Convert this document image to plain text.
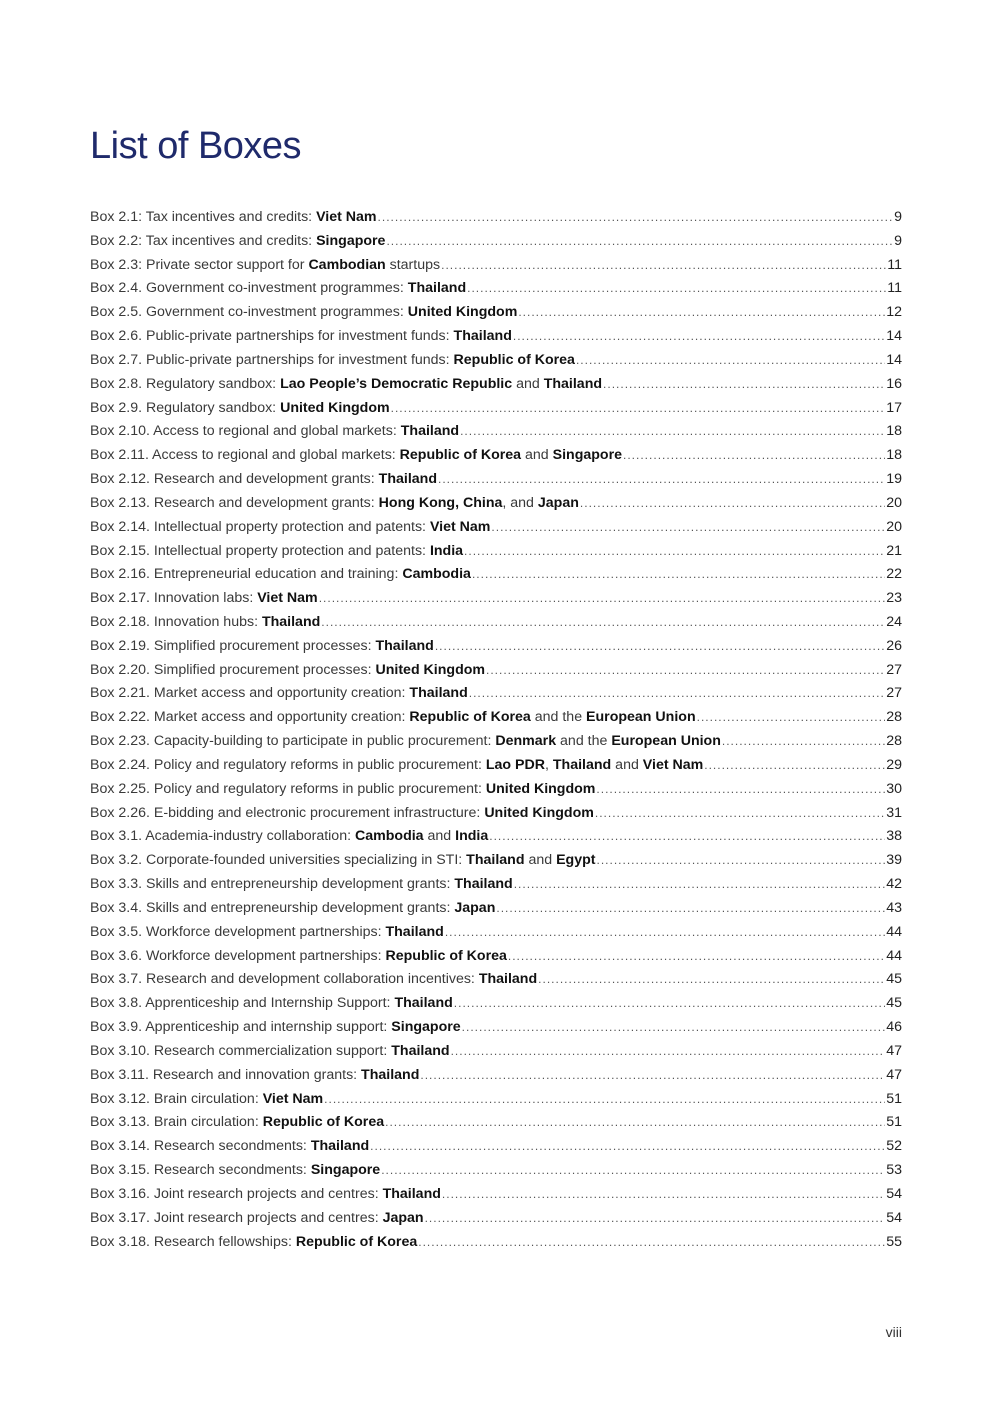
List of Boxes
Box 2.1: Tax incentives and credits: Viet Nam .....	9
Box 2.2: Tax incentives and credits: Singapore .....	9
Box 2.3: Private sector support for Cambodian startups .....	11
Box 2.4. Government co-investment programmes: Thailand .....	11
Box 2.5. Government co-investment programmes: United Kingdom .....	12
Box 2.6. Public-private partnerships for investment funds: Thailand .....	14
Box 2.7. Public-private partnerships for investment funds: Republic of Korea .....	14
Box 2.8. Regulatory sandbox: Lao People’s Democratic Republic and Thailand .....	16
Box 2.9. Regulatory sandbox: United Kingdom .....	17
Box 2.10. Access to regional and global markets: Thailand .....	18
Box 2.11. Access to regional and global markets: Republic of Korea and Singapore .....	18
Box 2.12. Research and development grants: Thailand .....	19
Box 2.13. Research and development grants: Hong Kong, China, and Japan .....	20
Box 2.14. Intellectual property protection and patents: Viet Nam .....	20
Box 2.15. Intellectual property protection and patents: India .....	21
Box 2.16. Entrepreneurial education and training: Cambodia .....	22
Box 2.17. Innovation labs: Viet Nam .....	23
Box 2.18. Innovation hubs: Thailand .....	24
Box 2.19. Simplified procurement processes: Thailand .....	26
Box 2.20. Simplified procurement processes: United Kingdom .....	27
Box 2.21. Market access and opportunity creation: Thailand .....	27
Box 2.22. Market access and opportunity creation: Republic of Korea and the European Union .....	28
Box 2.23. Capacity-building to participate in public procurement: Denmark and the European Union .....	28
Box 2.24. Policy and regulatory reforms in public procurement: Lao PDR, Thailand and Viet Nam .....	29
Box 2.25. Policy and regulatory reforms in public procurement: United Kingdom .....	30
Box 2.26. E-bidding and electronic procurement infrastructure: United Kingdom .....	31
Box 3.1. Academia-industry collaboration: Cambodia and India .....	38
Box 3.2. Corporate-founded universities specializing in STI: Thailand and Egypt .....	39
Box 3.3. Skills and entrepreneurship development grants: Thailand .....	42
Box 3.4. Skills and entrepreneurship development grants: Japan .....	43
Box 3.5. Workforce development partnerships: Thailand .....	44
Box 3.6. Workforce development partnerships: Republic of Korea .....	44
Box 3.7. Research and development collaboration incentives: Thailand .....	45
Box 3.8. Apprenticeship and Internship Support: Thailand .....	45
Box 3.9. Apprenticeship and internship support: Singapore .....	46
Box 3.10. Research commercialization support: Thailand .....	47
Box 3.11. Research and innovation grants: Thailand .....	47
Box 3.12. Brain circulation: Viet Nam .....	51
Box 3.13. Brain circulation: Republic of Korea .....	51
Box 3.14. Research secondments: Thailand .....	52
Box 3.15. Research secondments: Singapore .....	53
Box 3.16. Joint research projects and centres: Thailand .....	54
Box 3.17. Joint research projects and centres: Japan .....	54
Box 3.18. Research fellowships: Republic of Korea .....	55
viii
